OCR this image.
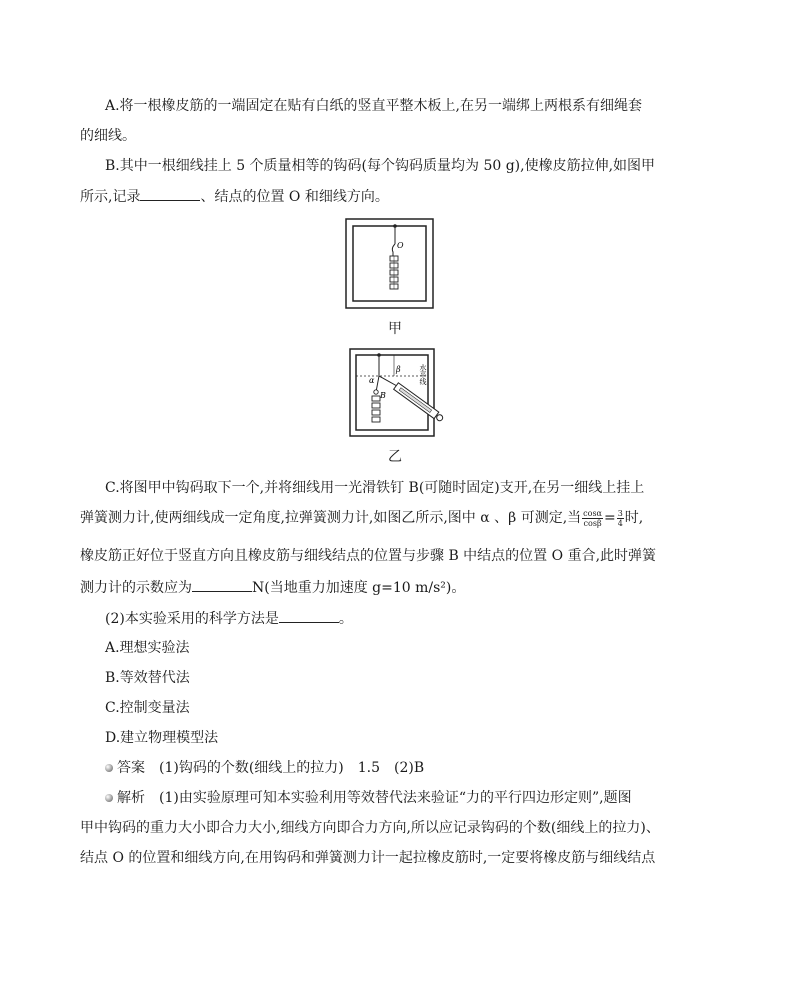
A.将一根橡皮筋的一端固定在贴有白纸的竖直平整木板上,在另一端绑上两根系有细绳套
的细线。
B.其中一根细线挂上 5 个质量相等的钩码(每个钩码质量均为 50 g),使橡皮筋拉伸,如图甲
所示,记录	、结点的位置 O 和细线方向。
O
甲
β
α
B
水平线
乙
C.将图甲中钩码取下一个,并将细线用一光滑铁钉 B(可随时固定)支开,在另一细线上挂上
弹簧测力计,使两细线成一定角度,拉弹簧测力计,如图乙所示,图中 α 、β 可测定,当 $\frac{\cos\alpha}{\cos\beta} = \frac{3}{4}$ 时,
橡皮筋正好位于竖直方向且橡皮筋与细线结点的位置与步骤 B 中结点的位置 O 重合,此时弹簧
测力计的示数应为	N(当地重力加速度 g=10 m/s²)。
(2)本实验采用的科学方法是	。
A.理想实验法
B.等效替代法
C.控制变量法
D.建立物理模型法
答案　(1)钩码的个数(细线上的拉力)　1.5　(2)B
解析　(1)由实验原理可知本实验利用等效替代法来验证“力的平行四边形定则”,题图
甲中钩码的重力大小即合力大小,细线方向即合力方向,所以应记录钩码的个数(细线上的拉力)、
结点 O 的位置和细线方向,在用钩码和弹簧测力计一起拉橡皮筋时,一定要将橡皮筋与细线结点
